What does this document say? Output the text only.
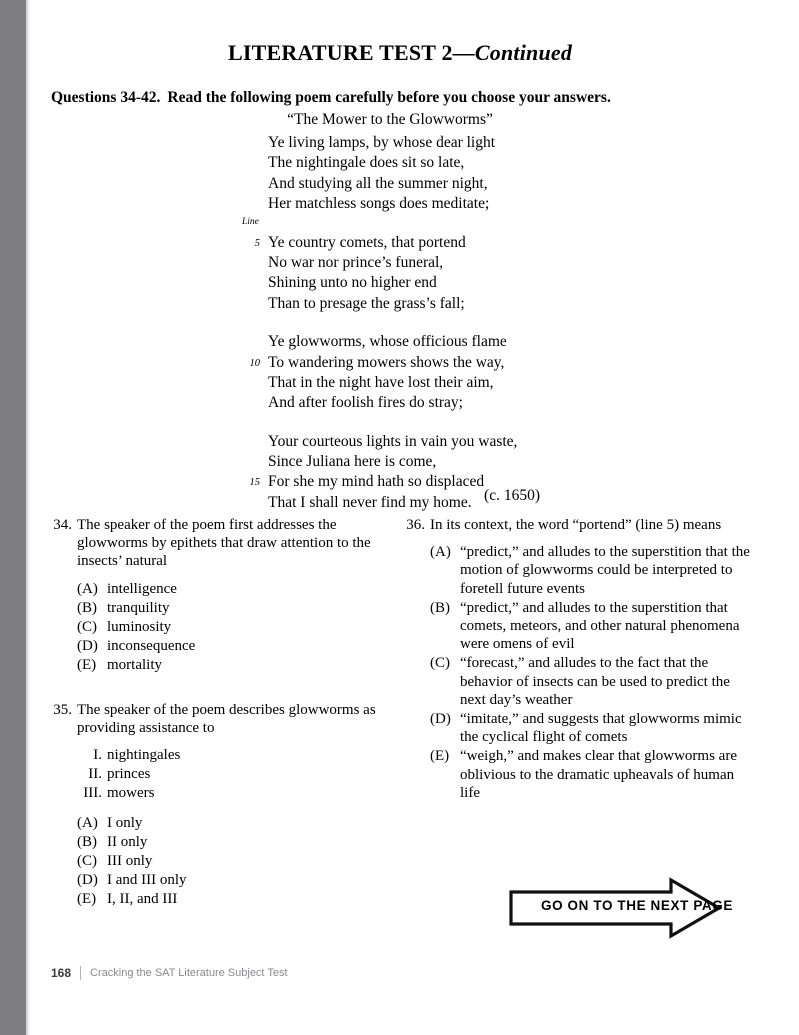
LITERATURE TEST 2—Continued
Questions 34-42. Read the following poem carefully before you choose your answers.
“The Mower to the Glowworms”
Line
Ye living lamps, by whose dear light
The nightingale does sit so late,
And studying all the summer night,
Her matchless songs does meditate;
5 Ye country comets, that portend
No war nor prince’s funeral,
Shining unto no higher end
Than to presage the grass’s fall;
Ye glowworms, whose officious flame
10 To wandering mowers shows the way,
That in the night have lost their aim,
And after foolish fires do stray;
Your courteous lights in vain you waste,
Since Juliana here is come,
15 For she my mind hath so displaced
That I shall never find my home. (c. 1650)
34. The speaker of the poem first addresses the glowworms by epithets that draw attention to the insects’ natural
(A) intelligence
(B) tranquility
(C) luminosity
(D) inconsequence
(E) mortality
35. The speaker of the poem describes glowworms as providing assistance to
I. nightingales
II. princes
III. mowers
(A) I only
(B) II only
(C) III only
(D) I and III only
(E) I, II, and III
36. In its context, the word “portend” (line 5) means
(A) “predict,” and alludes to the superstition that the motion of glowworms could be interpreted to foretell future events
(B) “predict,” and alludes to the superstition that comets, meteors, and other natural phenomena were omens of evil
(C) “forecast,” and alludes to the fact that the behavior of insects can be used to predict the next day’s weather
(D) “imitate,” and suggests that glowworms mimic the cyclical flight of comets
(E) “weigh,” and makes clear that glowworms are oblivious to the dramatic upheavals of human life
GO ON TO THE NEXT PAGE
168 Cracking the SAT Literature Subject Test
